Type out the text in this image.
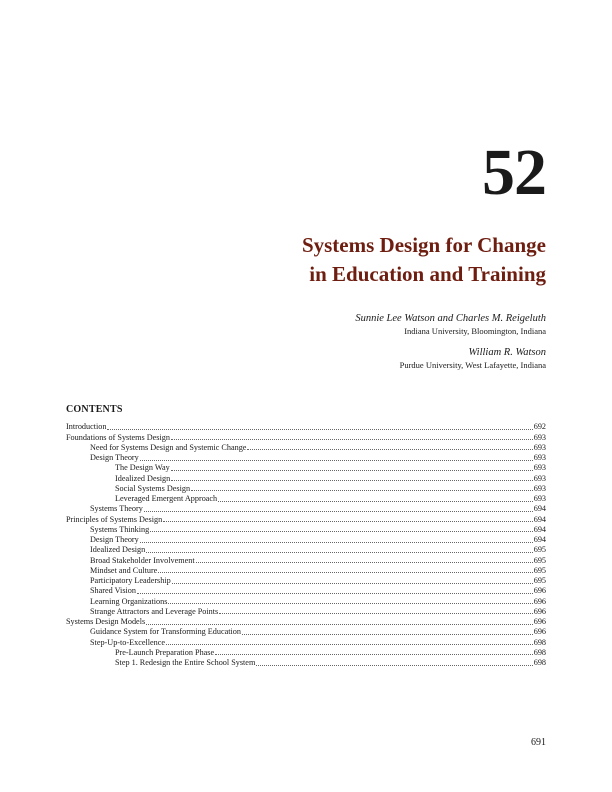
52
Systems Design for Change
in Education and Training
Sunnie Lee Watson and Charles M. Reigeluth
Indiana University, Bloomington, Indiana
William R. Watson
Purdue University, West Lafayette, Indiana
CONTENTS
Introduction	692
Foundations of Systems Design	693
Need for Systems Design and Systemic Change	693
Design Theory	693
The Design Way	693
Idealized Design	693
Social Systems Design	693
Leveraged Emergent Approach	693
Systems Theory	694
Principles of Systems Design	694
Systems Thinking	694
Design Theory	694
Idealized Design	695
Broad Stakeholder Involvement	695
Mindset and Culture	695
Participatory Leadership	695
Shared Vision	696
Learning Organizations	696
Strange Attractors and Leverage Points	696
Systems Design Models	696
Guidance System for Transforming Education	696
Step-Up-to-Excellence	698
Pre-Launch Preparation Phase	698
Step 1. Redesign the Entire School System	698
691
